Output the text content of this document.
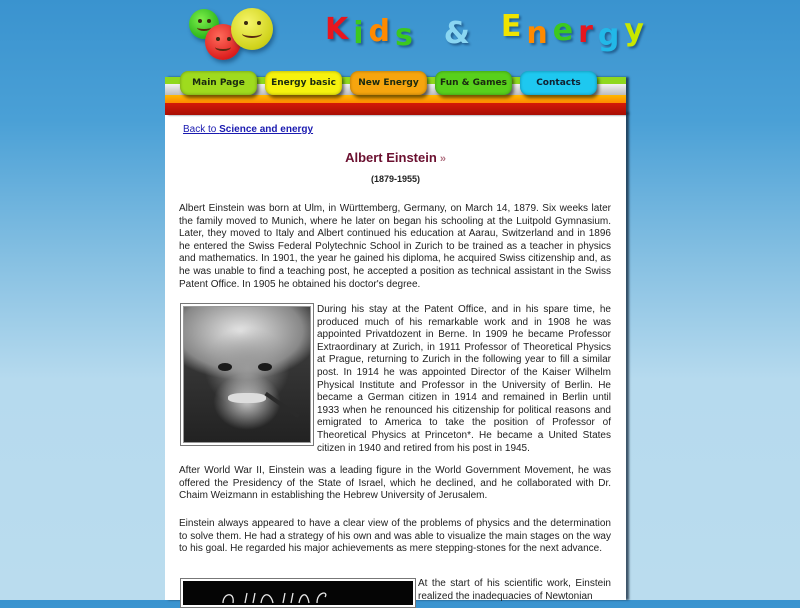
K i d s & E n e r g y
Main Page	Energy basic	New Energy	Fun & Games	Contacts
Back to Science and energy
Albert Einstein »
(1879-1955)
Albert Einstein was born at Ulm, in Württemberg, Germany, on March 14, 1879. Six weeks later the family moved to Munich, where he later on began his schooling at the Luitpold Gymnasium. Later, they moved to Italy and Albert continued his education at Aarau, Switzerland and in 1896 he entered the Swiss Federal Polytechnic School in Zurich to be trained as a teacher in physics and mathematics. In 1901, the year he gained his diploma, he acquired Swiss citizenship and, as he was unable to find a teaching post, he accepted a position as technical assistant in the Swiss Patent Office. In 1905 he obtained his doctor's degree.
During his stay at the Patent Office, and in his spare time, he produced much of his remarkable work and in 1908 he was appointed Privatdozent in Berne. In 1909 he became Professor Extraordinary at Zurich, in 1911 Professor of Theoretical Physics at Prague, returning to Zurich in the following year to fill a similar post. In 1914 he was appointed Director of the Kaiser Wilhelm Physical Institute and Professor in the University of Berlin. He became a German citizen in 1914 and remained in Berlin until 1933 when he renounced his citizenship for political reasons and emigrated to America to take the position of Professor of Theoretical Physics at Princeton*. He became a United States citizen in 1940 and retired from his post in 1945.
After World War II, Einstein was a leading figure in the World Government Movement, he was offered the Presidency of the State of Israel, which he declined, and he collaborated with Dr. Chaim Weizmann in establishing the Hebrew University of Jerusalem.
Einstein always appeared to have a clear view of the problems of physics and the determination to solve them. He had a strategy of his own and was able to visualize the main stages on the way to his goal. He regarded his major achievements as mere stepping-stones for the next advance.
At the start of his scientific work, Einstein realized the inadequacies of Newtonian
